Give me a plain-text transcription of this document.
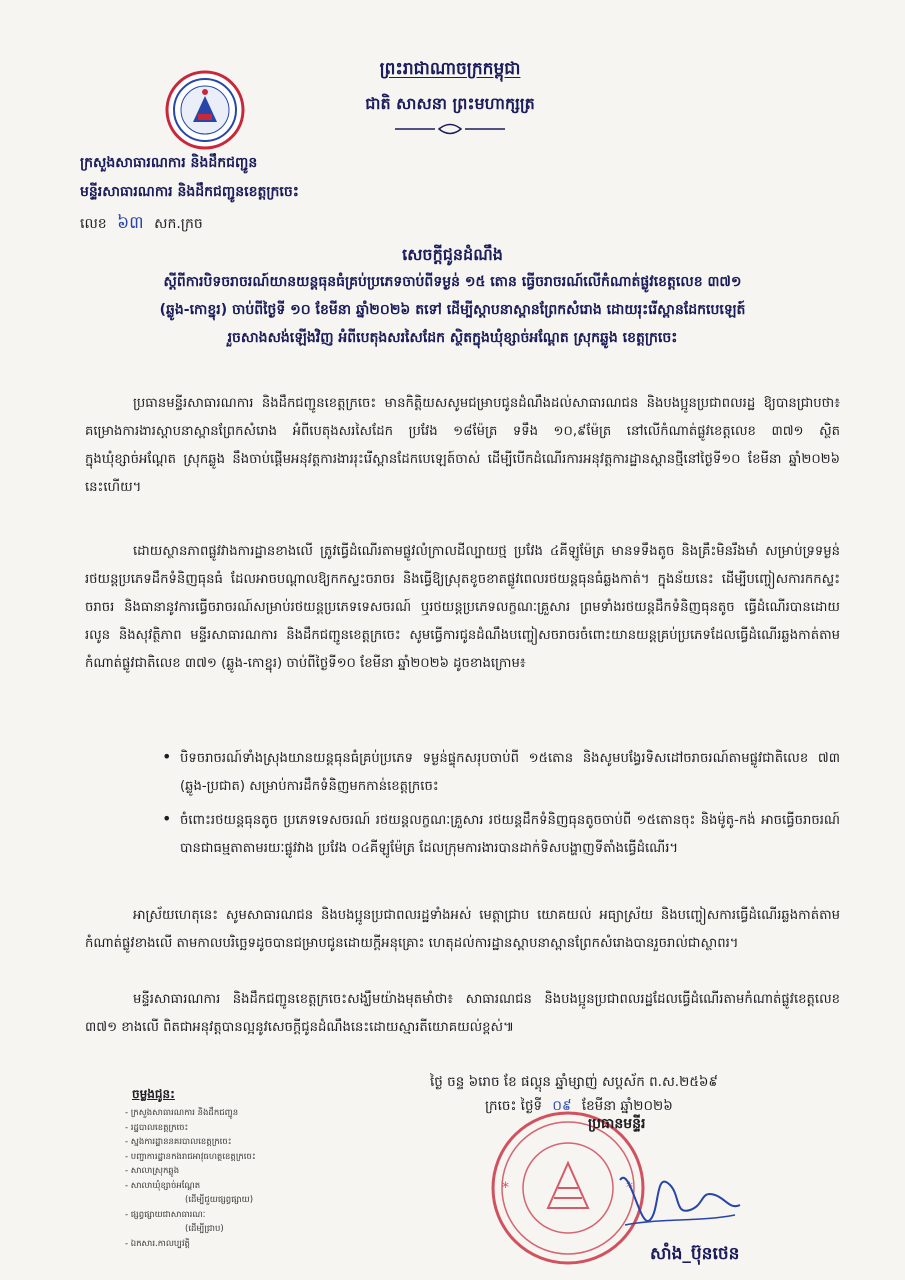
ព្រះរាជាណាចក្រកម្ពុជា
ជាតិ សាសនា ព្រះមហាក្សត្រ
ក្រសួងសាធារណការ និងដឹកជញ្ជូន
មន្ទីរសាធារណការ និងដឹកជញ្ជូនខេត្តក្រចេះ
លេខ ៦៣ សក.ក្រច
សេចក្តីជូនដំណឹង
ស្តីពីការបិទចរាចរណ៍យានយន្តធុនធំគ្រប់ប្រភេទចាប់ពីទម្ងន់ ១៥ តោន ធ្វើចរាចរណ៍លើកំណាត់ផ្លូវខេត្តលេខ ៣៧១
(ឆ្លូង-កោខ្នុរ) ចាប់ពីថ្ងៃទី ១០ ខែមីនា ឆ្នាំ២០២៦ តទៅ ដើម្បីស្តាបនាស្ពានព្រែកសំរោង ដោយរុះរើស្ពានដែកបេឡេត៍
រួចសាងសង់ឡើងវិញ អំពីបេតុងសរសៃដែក ស្ថិតក្នុងឃុំខ្សាច់អណ្តែត ស្រុកឆ្លូង ខេត្តក្រចេះ
ប្រធានមន្ទីរសាធារណការ និងដឹកជញ្ជូនខេត្តក្រចេះ មានកិត្តិយសសូមជម្រាបជូនដំណឹងដល់សាធារណជន និងបងប្អូនប្រជាពលរដ្ឋ ឱ្យបានជ្រាបថា៖ គម្រោងការងារស្តាបនាស្ពានព្រែកសំរោង អំពីបេតុងសរសៃដែក ប្រវែង ១៨ម៉ែត្រ ទទឹង ១០,៩ម៉ែត្រ នៅលើកំណាត់ផ្លូវខេត្តលេខ ៣៧១ ស្ថិតក្នុងឃុំខ្សាច់អណ្តែត ស្រុកឆ្លូង នឹងចាប់ផ្តើមអនុវត្តការងាររុះរើស្ពានដែកបេឡេត៍ចាស់ ដើម្បីបើកដំណើរការអនុវត្តការដ្ឋានស្ពានថ្មីនៅថ្ងៃទី១០ ខែមីនា ឆ្នាំ២០២៦ នេះហើយ។
ដោយស្ថានភាពផ្លូវវាងការដ្ឋានខាងលើ ត្រូវធ្វើដំណើរតាមផ្លូវលំក្រាលដីល្បាយថ្ម ប្រវែង ៤គីឡូម៉ែត្រ មានទទឹងតូច និងគ្រឹះមិនរឹងមាំ សម្រាប់ទ្រទម្ងន់រថយន្តប្រភេទដឹកទំនិញធុនធំ ដែលអាចបណ្តាលឱ្យកកស្ទះចរាចរ និងធ្វើឱ្យស្រុតខូចខាតផ្លូវពេលរថយន្តធុនធំឆ្លងកាត់។ ក្នុងន័យនេះ ដើម្បីបញ្ចៀសការកកស្ទះចរាចរ និងធានានូវការធ្វើចរាចរណ៍សម្រាប់រថយន្តប្រភេទទេសចរណ៍ ឬរថយន្តប្រភេទលក្ខណៈគ្រួសារ ព្រមទាំងរថយន្តដឹកទំនិញធុនតូច ធ្វើដំណើរបានដោយរលូន និងសុវត្ថិភាព មន្ទីរសាធារណការ និងដឹកជញ្ជូនខេត្តក្រចេះ សូមធ្វើការជូនដំណឹងបញ្ចៀសចរាចរចំពោះយានយន្តគ្រប់ប្រភេទដែលធ្វើដំណើរឆ្លងកាត់តាមកំណាត់ផ្លូវជាតិលេខ ៣៧១ (ឆ្លូង-កោខ្នុរ) ចាប់ពីថ្ងៃទី១០ ខែមីនា ឆ្នាំ២០២៦ ដូចខាងក្រោម៖
• បិទចរាចរណ៍ទាំងស្រុងយានយន្តធុនធំគ្រប់ប្រភេទ ទម្ងន់ផ្ទុកសរុបចាប់ពី ១៥តោន និងសូមបង្វែរទិសដៅចរាចរណ៍តាមផ្លូវជាតិលេខ ៧៣ (ឆ្លូង-ប្រជាត) សម្រាប់ការដឹកទំនិញមកកាន់ខេត្តក្រចេះ
• ចំពោះរថយន្តធុនតូច ប្រភេទទេសចរណ៍ រថយន្តលក្ខណៈគ្រួសារ រថយន្តដឹកទំនិញធុនតូចចាប់ពី ១៥តោនចុះ និងម៉ូតូ-កង់ អាចធ្វើចរាចរណ៍បានជាធម្មតាតាមរយៈផ្លូវវាង ប្រវែង ០៤គីឡូម៉ែត្រ ដែលក្រុមការងារបានដាក់ទិសបង្ហាញទីតាំងធ្វើដំណើរ។
អាស្រ័យហេតុនេះ សូមសាធារណជន និងបងប្អូនប្រជាពលរដ្ឋទាំងអស់ មេត្តាជ្រាប យោគយល់ អធ្យាស្រ័យ និងបញ្ចៀសការធ្វើដំណើរឆ្លងកាត់តាមកំណាត់ផ្លូវខាងលើ តាមកាលបរិច្ឆេទដូចបានជម្រាបជូនដោយក្តីអនុគ្រោះ ហេតុដល់ការដ្ឋានស្តាបនាស្ពានព្រែកសំរោងបានរួចរាល់ជាស្ថាពរ។
មន្ទីរសាធារណការ និងដឹកជញ្ជូនខេត្តក្រចេះសង្ឃឹមយ៉ាងមុតមាំថា៖ សាធារណជន និងបងប្អូនប្រជាពលរដ្ឋដែលធ្វើដំណើរតាមកំណាត់ផ្លូវខេត្តលេខ ៣៧១ ខាងលើ ពិតជាអនុវត្តបានល្អនូវសេចក្តីជូនដំណឹងនេះដោយស្មារតីយោគយល់ខ្ពស់៕
ថ្ងៃ ចន្ទ ៦រោច ខែ ផល្គុន ឆ្នាំម្សាញ់ សប្តស័ក ព.ស.២៥៦៩
ក្រចេះ ថ្ងៃទី ០៩ ខែមីនា ឆ្នាំ២០២៦
*	*
ប្រធានមន្ទីរ
សាំង_ប៊ុនថេន
ចម្លងជូន:
- ក្រសួងសាធារណការ និងដឹកជញ្ជូន
- រដ្ឋបាលខេត្តក្រចេះ
- ស្នងការដ្ឋាននគរបាលខេត្តក្រចេះ
- បញ្ជាការដ្ឋានកងរាជអាវុធហត្ថខេត្តក្រចេះ
- សាលាស្រុកឆ្លូង
- សាលាឃុំខ្សាច់អណ្តែត
(ដើម្បីជួយផ្សព្វផ្សាយ)
- ផ្សព្វផ្សាយជាសាធារណៈ
(ដើម្បីជ្រាប)
- ឯកសារ.កាលប្បវត្តិ
